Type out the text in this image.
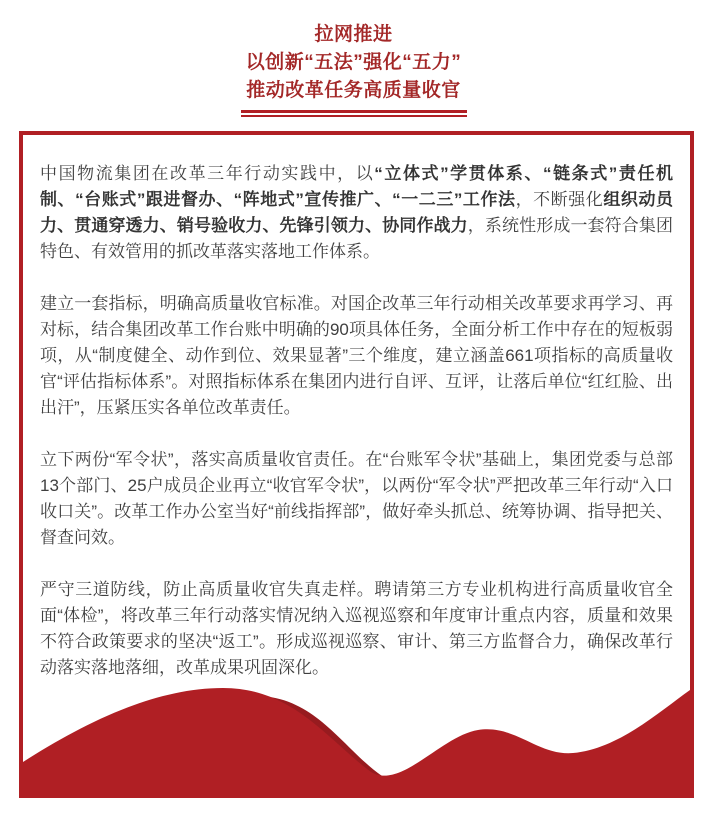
拉网推进
以创新“五法”强化“五力”
推动改革任务高质量收官

中国物流集团在改革三年行动实践中，以“立体式”学贯体系、“链条式”责任机制、“台账式”跟进督办、“阵地式”宣传推广、“一二三”工作法，不断强化组织动员力、贯通穿透力、销号验收力、先锋引领力、协同作战力，系统性形成一套符合集团特色、有效管用的抓改革落实落地工作体系。

建立一套指标，明确高质量收官标准。对国企改革三年行动相关改革要求再学习、再对标，结合集团改革工作台账中明确的90项具体任务，全面分析工作中存在的短板弱项，从“制度健全、动作到位、效果显著”三个维度，建立涵盖661项指标的高质量收官“评估指标体系”。对照指标体系在集团内进行自评、互评，让落后单位“红红脸、出出汗”，压紧压实各单位改革责任。

立下两份“军令状”，落实高质量收官责任。在“台账军令状”基础上，集团党委与总部13个部门、25户成员企业再立“收官军令状”，以两份“军令状”严把改革三年行动“入口收口关”。改革工作办公室当好“前线指挥部”，做好牵头抓总、统筹协调、指导把关、督查问效。

严守三道防线，防止高质量收官失真走样。聘请第三方专业机构进行高质量收官全面“体检”，将改革三年行动落实情况纳入巡视巡察和年度审计重点内容，质量和效果不符合政策要求的坚决“返工”。形成巡视巡察、审计、第三方监督合力，确保改革行动落实落地落细，改革成果巩固深化。
